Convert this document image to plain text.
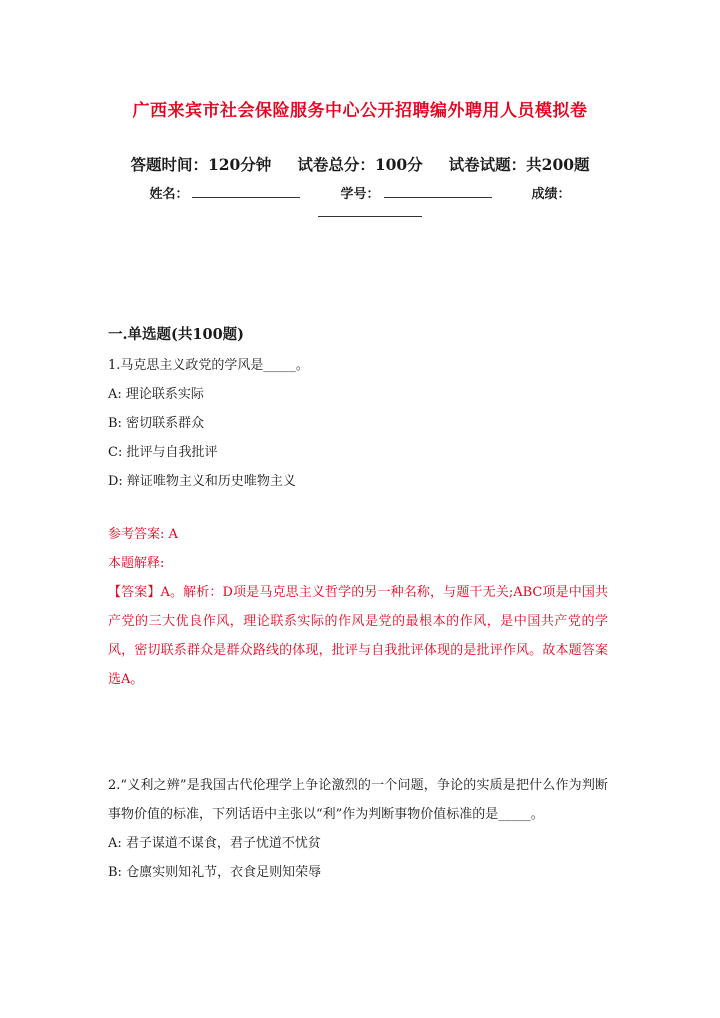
广西来宾市社会保险服务中心公开招聘编外聘用人员模拟卷
答题时间：120分钟 试卷总分：100分 试卷试题：共200题
姓名：	学号：	成绩：
一.单选题(共100题)

1.马克思主义政党的学风是_____。

A: 理论联系实际

B: 密切联系群众

C: 批评与自我批评

D: 辩证唯物主义和历史唯物主义

参考答案: A

本题解释:

【答案】A。解析：D项是马克思主义哲学的另一种名称，与题干无关;ABC项是中国共产党的三大优良作风，理论联系实际的作风是党的最根本的作风，是中国共产党的学风，密切联系群众是群众路线的体现，批评与自我批评体现的是批评作风。故本题答案选A。

2.“义利之辨”是我国古代伦理学上争论激烈的一个问题，争论的实质是把什么作为判断事物价值的标准，下列话语中主张以“利”作为判断事物价值标准的是_____。

A: 君子谋道不谋食，君子忧道不忧贫

B: 仓廪实则知礼节，衣食足则知荣辱
